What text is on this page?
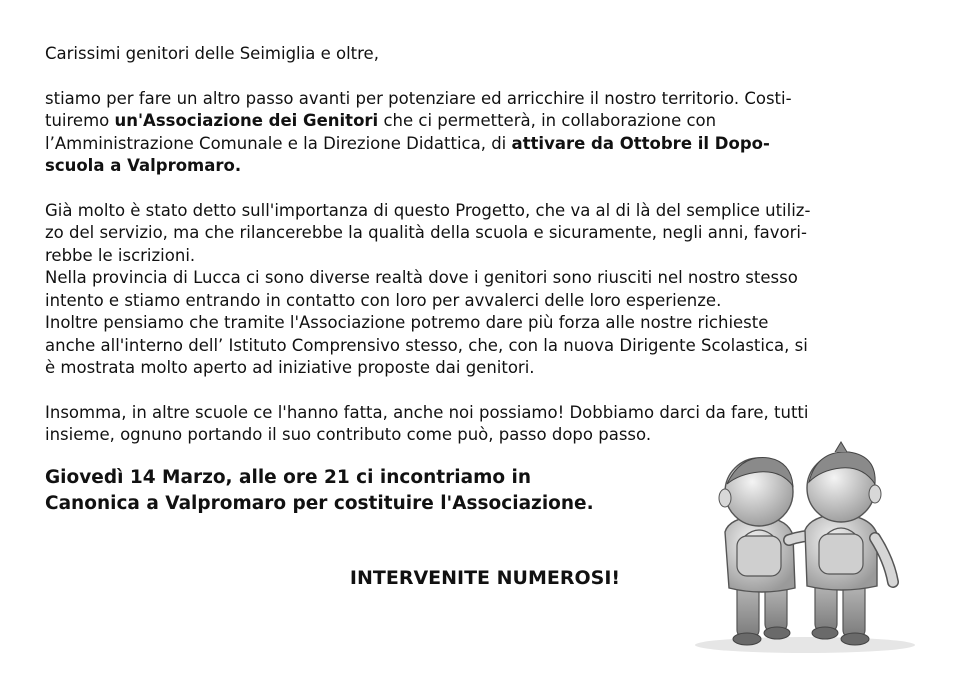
Carissimi genitori delle Seimiglia e oltre,

stiamo per fare un altro passo avanti per potenziare ed arricchire il nostro territorio. Costi-
tuiremo un'Associazione dei Genitori che ci permetterà, in collaborazione con
l’Amministrazione Comunale e la Direzione Didattica, di attivare da Ottobre il Dopo-
scuola a Valpromaro.

Già molto è stato detto sull'importanza di questo Progetto, che va al di là del semplice utiliz-
zo del servizio, ma che rilancerebbe la qualità della scuola e sicuramente, negli anni, favori-
rebbe le iscrizioni.
Nella provincia di Lucca ci sono diverse realtà dove i genitori sono riusciti nel nostro stesso
intento e stiamo entrando in contatto con loro per avvalerci delle loro esperienze.
Inoltre pensiamo che tramite l'Associazione potremo dare più forza alle nostre richieste
anche all'interno dell’ Istituto Comprensivo stesso, che, con la nuova Dirigente Scolastica, si
è mostrata molto aperto ad iniziative proposte dai genitori.

Insomma, in altre scuole ce l'hanno fatta, anche noi possiamo! Dobbiamo darci da fare, tutti
insieme, ognuno portando il suo contributo come può, passo dopo passo.

Giovedì 14 Marzo, alle ore 21 ci incontriamo in
Canonica a Valpromaro per costituire l'Associazione.

INTERVENITE NUMEROSI!
